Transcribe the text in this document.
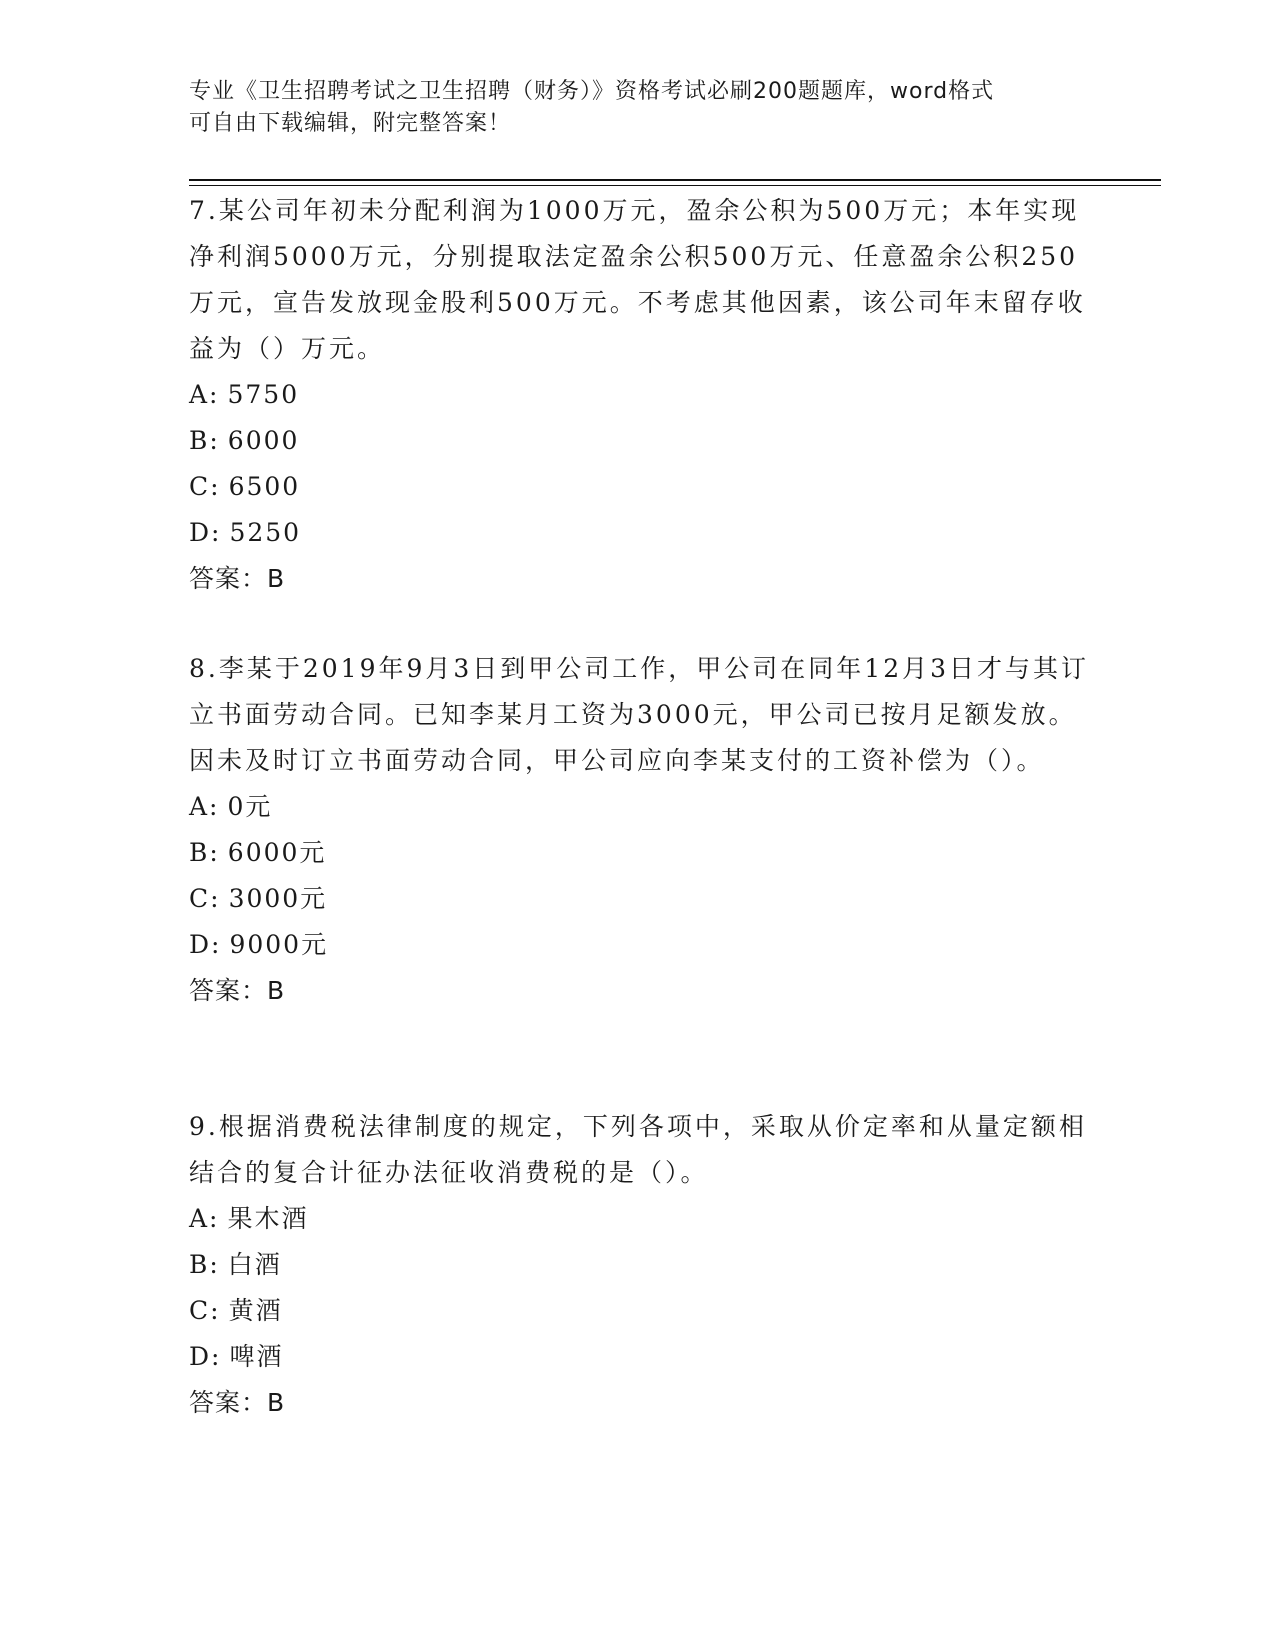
专业《卫生招聘考试之卫生招聘（财务）》资格考试必刷200题题库，word格式
可自由下载编辑，附完整答案！

7.某公司年初未分配利润为1000万元，盈余公积为500万元；本年实现净利润5000万元，分别提取法定盈余公积500万元、任意盈余公积250万元，宣告发放现金股利500万元。不考虑其他因素，该公司年末留存收益为（）万元。

A: 5750
B: 6000
C: 6500
D: 5250

答案：B

8.李某于2019年9月3日到甲公司工作，甲公司在同年12月3日才与其订立书面劳动合同。已知李某月工资为3000元，甲公司已按月足额发放。因未及时订立书面劳动合同，甲公司应向李某支付的工资补偿为（）。

A: 0元
B: 6000元
C: 3000元
D: 9000元

答案：B

9.根据消费税法律制度的规定，下列各项中，采取从价定率和从量定额相结合的复合计征办法征收消费税的是（）。

A: 果木酒
B: 白酒
C: 黄酒
D: 啤酒

答案：B
